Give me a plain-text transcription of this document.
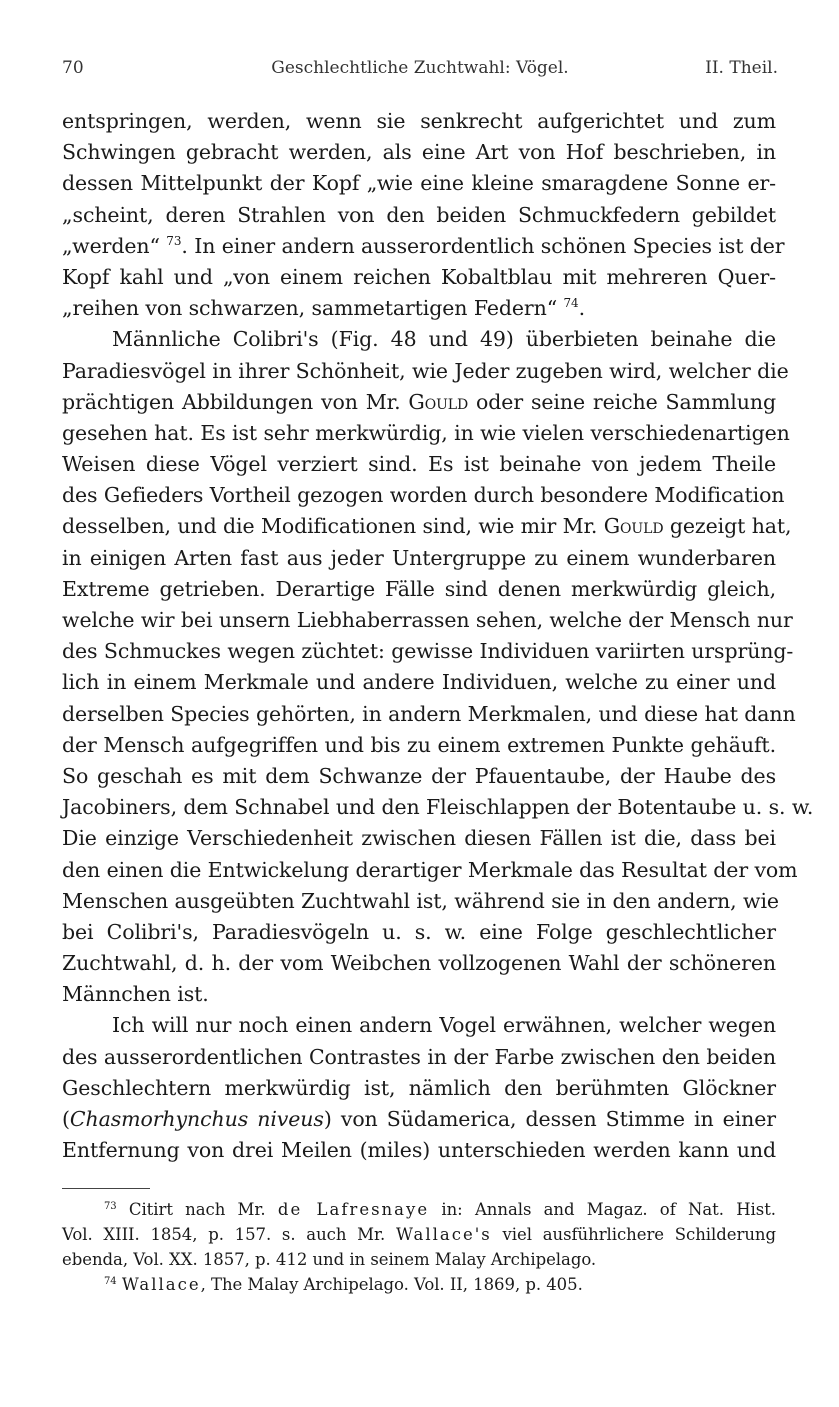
70	Geschlechtliche Zuchtwahl: Vögel.	II. Theil.
entspringen, werden, wenn sie senkrecht aufgerichtet und zum
Schwingen gebracht werden, als eine Art von Hof beschrieben, in
dessen Mittelpunkt der Kopf „wie eine kleine smaragdene Sonne er-
„scheint, deren Strahlen von den beiden Schmuckfedern gebildet
„werden“ $^{73}$. In einer andern ausserordentlich schönen Species ist der
Kopf kahl und „von einem reichen Kobaltblau mit mehreren Quer-
„reihen von schwarzen, sammetartigen Federn“ $^{74}$.
Männliche Colibri's (Fig. 48 und 49) überbieten beinahe die
Paradiesvögel in ihrer Schönheit, wie Jeder zugeben wird, welcher die
prächtigen Abbildungen von Mr. Gould oder seine reiche Sammlung
gesehen hat. Es ist sehr merkwürdig, in wie vielen verschiedenartigen
Weisen diese Vögel verziert sind. Es ist beinahe von jedem Theile
des Gefieders Vortheil gezogen worden durch besondere Modification
desselben, und die Modificationen sind, wie mir Mr. Gould gezeigt hat,
in einigen Arten fast aus jeder Untergruppe zu einem wunderbaren
Extreme getrieben. Derartige Fälle sind denen merkwürdig gleich,
welche wir bei unsern Liebhaberrassen sehen, welche der Mensch nur
des Schmuckes wegen züchtet: gewisse Individuen variirten ursprüng-
lich in einem Merkmale und andere Individuen, welche zu einer und
derselben Species gehörten, in andern Merkmalen, und diese hat dann
der Mensch aufgegriffen und bis zu einem extremen Punkte gehäuft.
So geschah es mit dem Schwanze der Pfauentaube, der Haube des
Jacobiners, dem Schnabel und den Fleischlappen der Botentaube u. s. w.
Die einzige Verschiedenheit zwischen diesen Fällen ist die, dass bei
den einen die Entwickelung derartiger Merkmale das Resultat der vom
Menschen ausgeübten Zuchtwahl ist, während sie in den andern, wie
bei Colibri's, Paradiesvögeln u. s. w. eine Folge geschlechtlicher
Zuchtwahl, d. h. der vom Weibchen vollzogenen Wahl der schöneren
Männchen ist.
Ich will nur noch einen andern Vogel erwähnen, welcher wegen
des ausserordentlichen Contrastes in der Farbe zwischen den beiden
Geschlechtern merkwürdig ist, nämlich den berühmten Glöckner
(Chasmorhynchus niveus) von Südamerica, dessen Stimme in einer
Entfernung von drei Meilen (miles) unterschieden werden kann und
$^{73}$ Citirt nach Mr. de Lafresnaye in: Annals and Magaz. of Nat. Hist.
Vol. XIII. 1854, p. 157. s. auch Mr. Wallace's viel ausführlichere Schilderung
ebenda, Vol. XX. 1857, p. 412 und in seinem Malay Archipelago.
$^{74}$ Wallace, The Malay Archipelago. Vol. II, 1869, p. 405.
